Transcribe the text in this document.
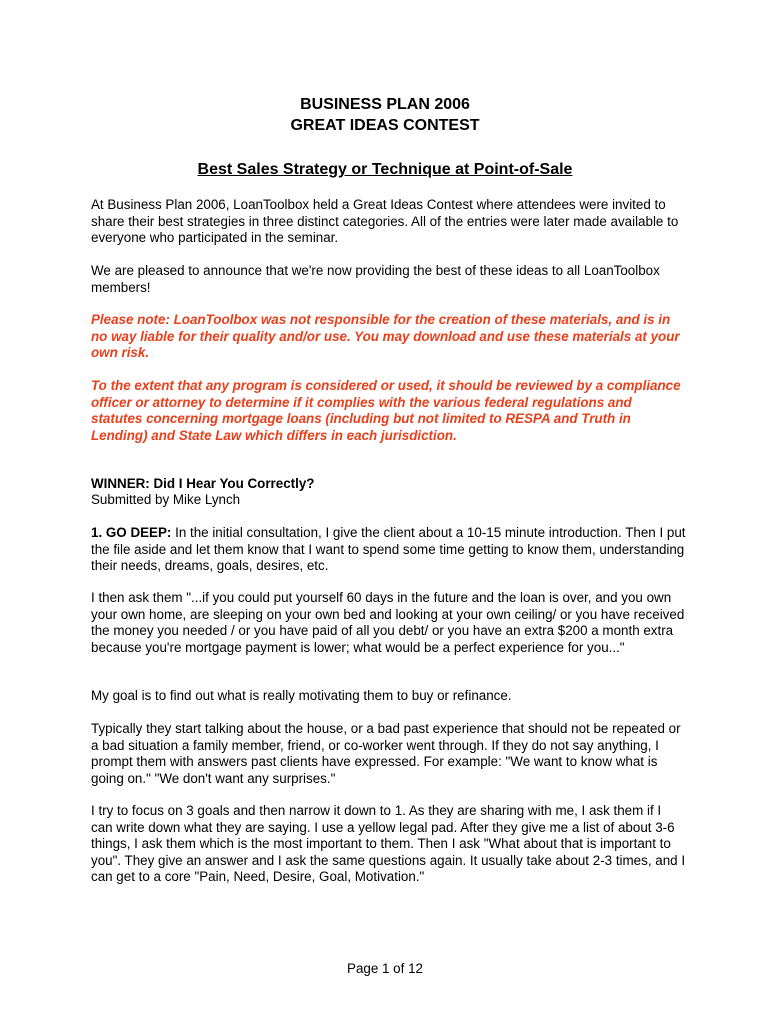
BUSINESS PLAN 2006
GREAT IDEAS CONTEST
Best Sales Strategy or Technique at Point-of-Sale

At Business Plan 2006, LoanToolbox held a Great Ideas Contest where attendees were invited to share their best strategies in three distinct categories. All of the entries were later made available to everyone who participated in the seminar.

We are pleased to announce that we're now providing the best of these ideas to all LoanToolbox members!

Please note: LoanToolbox was not responsible for the creation of these materials, and is in no way liable for their quality and/or use. You may download and use these materials at your own risk.

To the extent that any program is considered or used, it should be reviewed by a compliance officer or attorney to determine if it complies with the various federal regulations and statutes concerning mortgage loans (including but not limited to RESPA and Truth in Lending) and State Law which differs in each jurisdiction.

WINNER: Did I Hear You Correctly?

Submitted by Mike Lynch

1. GO DEEP: In the initial consultation, I give the client about a 10-15 minute introduction. Then I put the file aside and let them know that I want to spend some time getting to know them, understanding their needs, dreams, goals, desires, etc.

I then ask them "...if you could put yourself 60 days in the future and the loan is over, and you own your own home, are sleeping on your own bed and looking at your own ceiling/ or you have received the money you needed / or you have paid of all you debt/ or you have an extra $200 a month extra because you're mortgage payment is lower; what would be a perfect experience for you..."

My goal is to find out what is really motivating them to buy or refinance.

Typically they start talking about the house, or a bad past experience that should not be repeated or a bad situation a family member, friend, or co-worker went through. If they do not say anything, I prompt them with answers past clients have expressed. For example: "We want to know what is going on." "We don't want any surprises."

I try to focus on 3 goals and then narrow it down to 1. As they are sharing with me, I ask them if I can write down what they are saying. I use a yellow legal pad. After they give me a list of about 3-6 things, I ask them which is the most important to them. Then I ask "What about that is important to you". They give an answer and I ask the same questions again. It usually take about 2-3 times, and I can get to a core "Pain, Need, Desire, Goal, Motivation."

Page 1 of 12
